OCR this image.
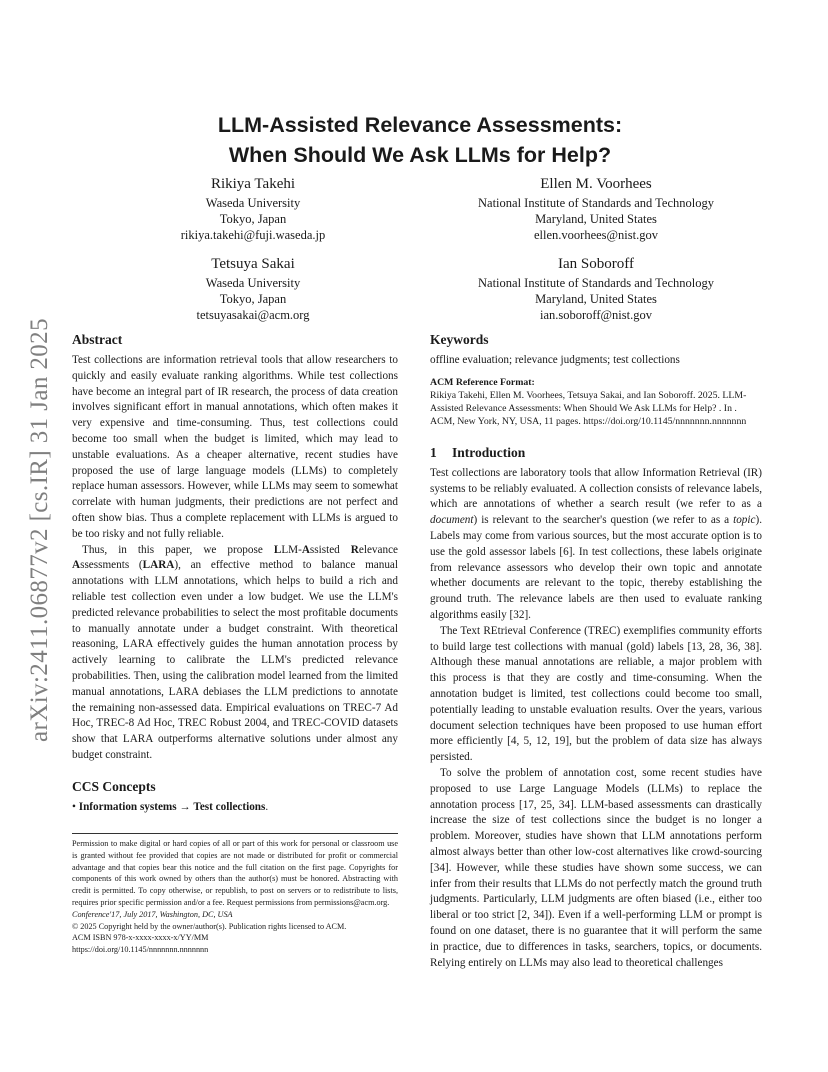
arXiv:2411.06877v2 [cs.IR] 31 Jan 2025
LLM-Assisted Relevance Assessments:
When Should We Ask LLMs for Help?
Rikiya Takehi
Waseda University
Tokyo, Japan
rikiya.takehi@fuji.waseda.jp
Ellen M. Voorhees
National Institute of Standards and Technology
Maryland, United States
ellen.voorhees@nist.gov
Tetsuya Sakai
Waseda University
Tokyo, Japan
tetsuyasakai@acm.org
Ian Soboroff
National Institute of Standards and Technology
Maryland, United States
ian.soboroff@nist.gov
Abstract

Test collections are information retrieval tools that allow researchers to quickly and easily evaluate ranking algorithms. While test collections have become an integral part of IR research, the process of data creation involves significant effort in manual annotations, which often makes it very expensive and time-consuming. Thus, test collections could become too small when the budget is limited, which may lead to unstable evaluations. As a cheaper alternative, recent studies have proposed the use of large language models (LLMs) to completely replace human assessors. However, while LLMs may seem to somewhat correlate with human judgments, their predictions are not perfect and often show bias. Thus a complete replacement with LLMs is argued to be too risky and not fully reliable.

Thus, in this paper, we propose LLM-Assisted Relevance Assessments (LARA), an effective method to balance manual annotations with LLM annotations, which helps to build a rich and reliable test collection even under a low budget. We use the LLM's predicted relevance probabilities to select the most profitable documents to manually annotate under a budget constraint. With theoretical reasoning, LARA effectively guides the human annotation process by actively learning to calibrate the LLM's predicted relevance probabilities. Then, using the calibration model learned from the limited manual annotations, LARA debiases the LLM predictions to annotate the remaining non-assessed data. Empirical evaluations on TREC-7 Ad Hoc, TREC-8 Ad Hoc, TREC Robust 2004, and TREC-COVID datasets show that LARA outperforms alternative solutions under almost any budget constraint.

CCS Concepts

• Information systems → Test collections.

Permission to make digital or hard copies of all or part of this work for personal or classroom use is granted without fee provided that copies are not made or distributed for profit or commercial advantage and that copies bear this notice and the full citation on the first page. Copyrights for components of this work owned by others than the author(s) must be honored. Abstracting with credit is permitted. To copy otherwise, or republish, to post on servers or to redistribute to lists, requires prior specific permission and/or a fee. Request permissions from permissions@acm.org.

Conference'17, July 2017, Washington, DC, USA

© 2025 Copyright held by the owner/author(s). Publication rights licensed to ACM.

ACM ISBN 978-x-xxxx-xxxx-x/YY/MM

https://doi.org/10.1145/nnnnnnn.nnnnnnn

Keywords

offline evaluation; relevance judgments; test collections

ACM Reference Format:

Rikiya Takehi, Ellen M. Voorhees, Tetsuya Sakai, and Ian Soboroff. 2025. LLM-Assisted Relevance Assessments: When Should We Ask LLMs for Help? . In . ACM, New York, NY, USA, 11 pages. https://doi.org/10.1145/nnnnnnn.nnnnnnn

1 Introduction

Test collections are laboratory tools that allow Information Retrieval (IR) systems to be reliably evaluated. A collection consists of relevance labels, which are annotations of whether a search result (we refer to as a document) is relevant to the searcher's question (we refer to as a topic). Labels may come from various sources, but the most accurate option is to use the gold assessor labels [6]. In test collections, these labels originate from relevance assessors who develop their own topic and annotate whether documents are relevant to the topic, thereby establishing the ground truth. The relevance labels are then used to evaluate ranking algorithms easily [32].

The Text REtrieval Conference (TREC) exemplifies community efforts to build large test collections with manual (gold) labels [13, 28, 36, 38]. Although these manual annotations are reliable, a major problem with this process is that they are costly and time-consuming. When the annotation budget is limited, test collections could become too small, potentially leading to unstable evaluation results. Over the years, various document selection techniques have been proposed to use human effort more efficiently [4, 5, 12, 19], but the problem of data size has always persisted.

To solve the problem of annotation cost, some recent studies have proposed to use Large Language Models (LLMs) to replace the annotation process [17, 25, 34]. LLM-based assessments can drastically increase the size of test collections since the budget is no longer a problem. Moreover, studies have shown that LLM annotations perform almost always better than other low-cost alternatives like crowd-sourcing [34]. However, while these studies have shown some success, we can infer from their results that LLMs do not perfectly match the ground truth judgments. Particularly, LLM judgments are often biased (i.e., either too liberal or too strict [2, 34]). Even if a well-performing LLM or prompt is found on one dataset, there is no guarantee that it will perform the same in practice, due to differences in tasks, searchers, topics, or documents. Relying entirely on LLMs may also lead to theoretical challenges
